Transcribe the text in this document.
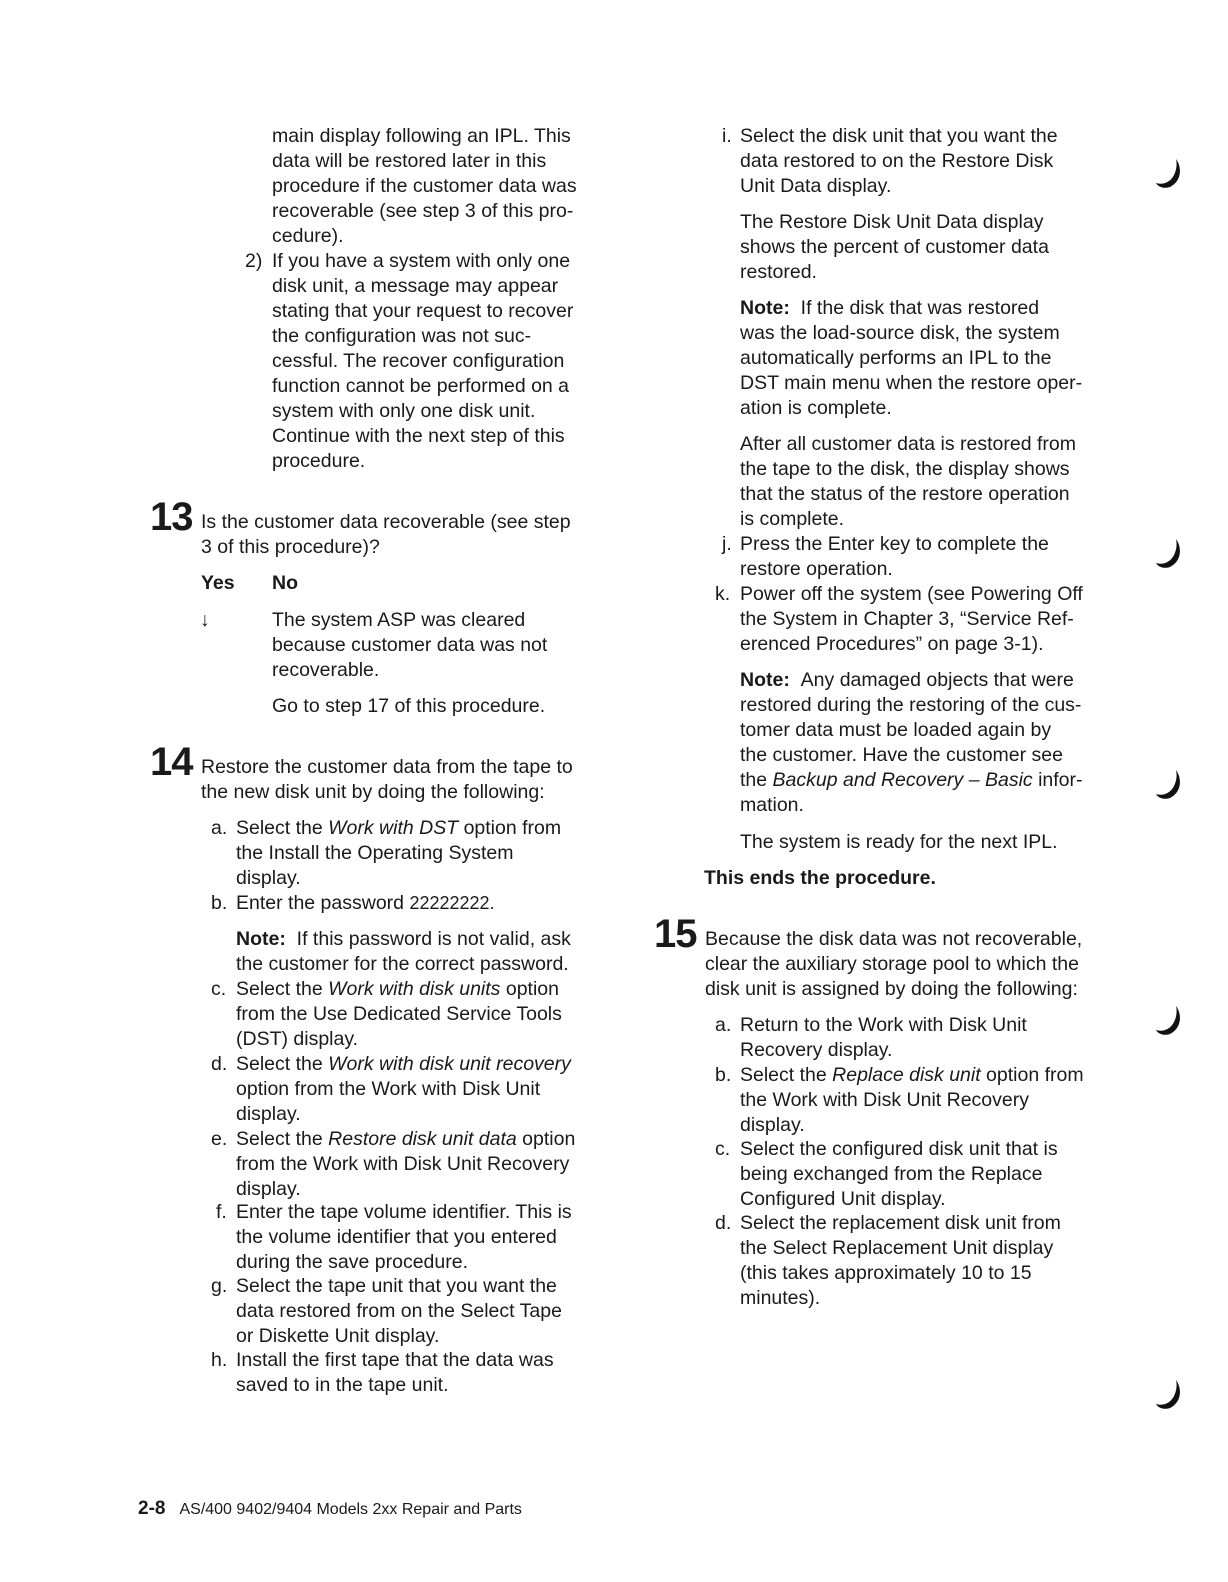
main display following an IPL. This
data will be restored later in this
procedure if the customer data was
recoverable (see step 3 of this pro-
cedure).
2) If you have a system with only one
disk unit, a message may appear
stating that your request to recover
the configuration was not suc-
cessful. The recover configuration
function cannot be performed on a
system with only one disk unit.
Continue with the next step of this
procedure.
13 Is the customer data recoverable (see step
3 of this procedure)?
Yes No
↓	The system ASP was cleared
because customer data was not
recoverable.
Go to step 17 of this procedure.
14 Restore the customer data from the tape to
the new disk unit by doing the following:
a. Select the Work with DST option from
the Install the Operating System
display.
b. Enter the password 22222222.
Note: If this password is not valid, ask
the customer for the correct password.
c. Select the Work with disk units option
from the Use Dedicated Service Tools
(DST) display.
d. Select the Work with disk unit recovery
option from the Work with Disk Unit
display.
e. Select the Restore disk unit data option
from the Work with Disk Unit Recovery
display.
f. Enter the tape volume identifier. This is
the volume identifier that you entered
during the save procedure.
g. Select the tape unit that you want the
data restored from on the Select Tape
or Diskette Unit display.
h. Install the first tape that the data was
saved to in the tape unit.
i. Select the disk unit that you want the
data restored to on the Restore Disk
Unit Data display.
The Restore Disk Unit Data display
shows the percent of customer data
restored.
Note: If the disk that was restored
was the load-source disk, the system
automatically performs an IPL to the
DST main menu when the restore oper-
ation is complete.
After all customer data is restored from
the tape to the disk, the display shows
that the status of the restore operation
is complete.
j. Press the Enter key to complete the
restore operation.
k. Power off the system (see Powering Off
the System in Chapter 3, “Service Ref-
erenced Procedures” on page 3-1).
Note: Any damaged objects that were
restored during the restoring of the cus-
tomer data must be loaded again by
the customer. Have the customer see
the Backup and Recovery – Basic infor-
mation.
The system is ready for the next IPL.
This ends the procedure.
15 Because the disk data was not recoverable,
clear the auxiliary storage pool to which the
disk unit is assigned by doing the following:
a. Return to the Work with Disk Unit
Recovery display.
b. Select the Replace disk unit option from
the Work with Disk Unit Recovery
display.
c. Select the configured disk unit that is
being exchanged from the Replace
Configured Unit display.
d. Select the replacement disk unit from
the Select Replacement Unit display
(this takes approximately 10 to 15
minutes).
2-8 AS/400 9402/9404 Models 2xx Repair and Parts
